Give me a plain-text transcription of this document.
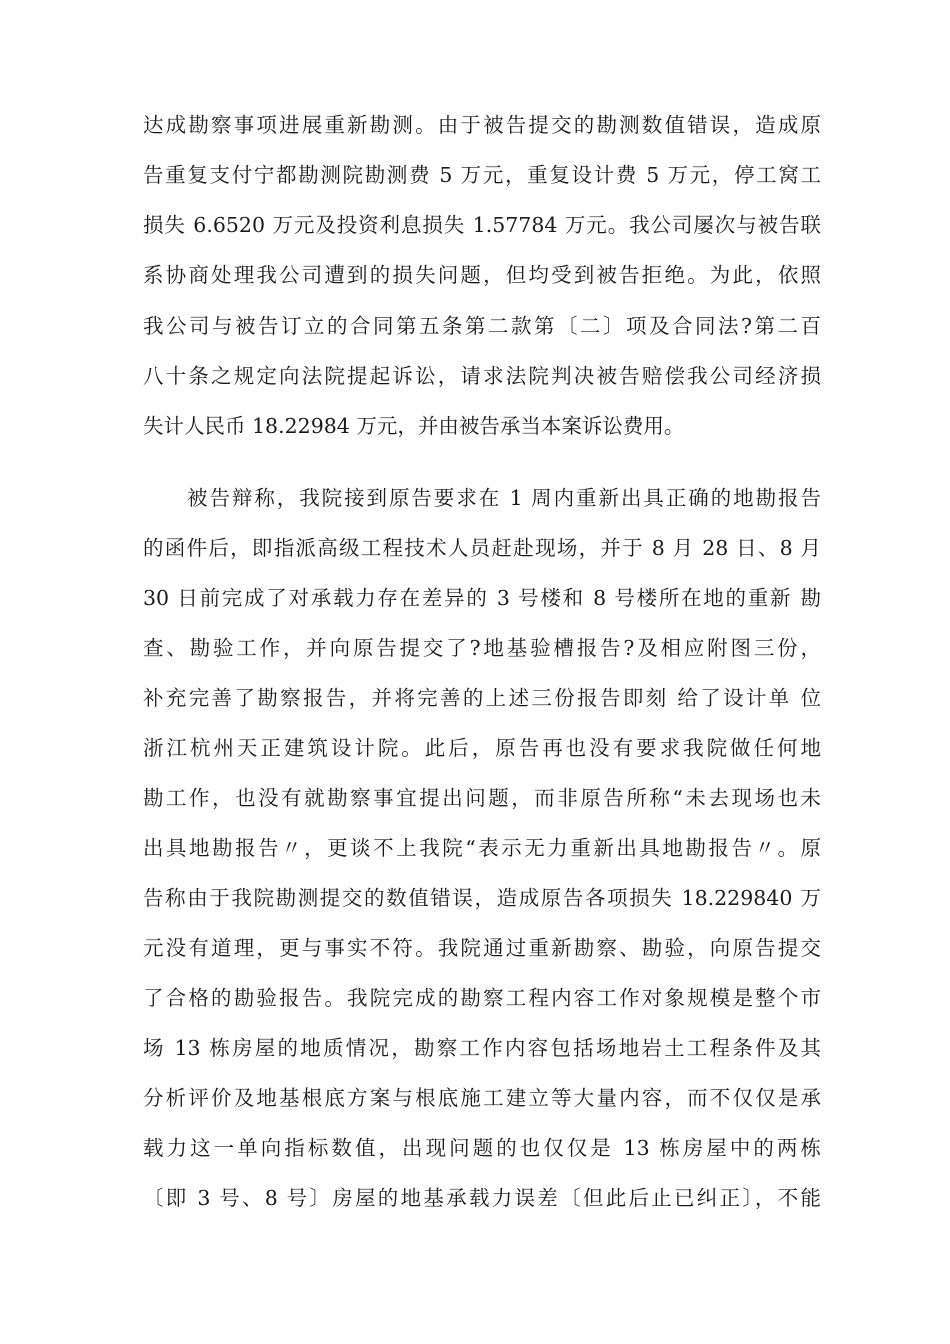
达成勘察事项进展重新勘测。由于被告提交的勘测数值错误，造成原
告重复支付宁都勘测院勘测费 5 万元，重复设计费 5 万元，停工窝工
损失 6.6520 万元及投资利息损失 1.57784 万元。我公司屡次与被告联
系协商处理我公司遭到的损失问题，但均受到被告拒绝。为此，依照
我公司与被告订立的合同第五条第二款第〔二〕项及合同法?第二百
八十条之规定向法院提起诉讼，请求法院判决被告赔偿我公司经济损
失计人民币 18.22984 万元，并由被告承当本案诉讼费用。
被告辩称，我院接到原告要求在 1 周内重新出具正确的地勘报告
的函件后，即指派高级工程技术人员赶赴现场，并于 8 月 28 日、8 月
30 日前完成了对承载力存在差异的 3 号楼和 8 号楼所在地的重新 勘
查、勘验工作，并向原告提交了?地基验槽报告?及相应附图三份，
补充完善了勘察报告，并将完善的上述三份报告即刻 给了设计单 位
浙江杭州天正建筑设计院。此后，原告再也没有要求我院做任何地
勘工作，也没有就勘察事宜提出问题，而非原告所称“未去现场也未
出具地勘报告〃，更谈不上我院“表示无力重新出具地勘报告〃。原
告称由于我院勘测提交的数值错误，造成原告各项损失 18.229840 万
元没有道理，更与事实不符。我院通过重新勘察、勘验，向原告提交
了合格的勘验报告。我院完成的勘察工程内容工作对象规模是整个市
场 13 栋房屋的地质情况，勘察工作内容包括场地岩土工程条件及其
分析评价及地基根底方案与根底施工建立等大量内容，而不仅仅是承
载力这一单向指标数值，出现问题的也仅仅是 13 栋房屋中的两栋
〔即 3 号、8 号〕房屋的地基承载力误差〔但此后止已纠正〕，不能
